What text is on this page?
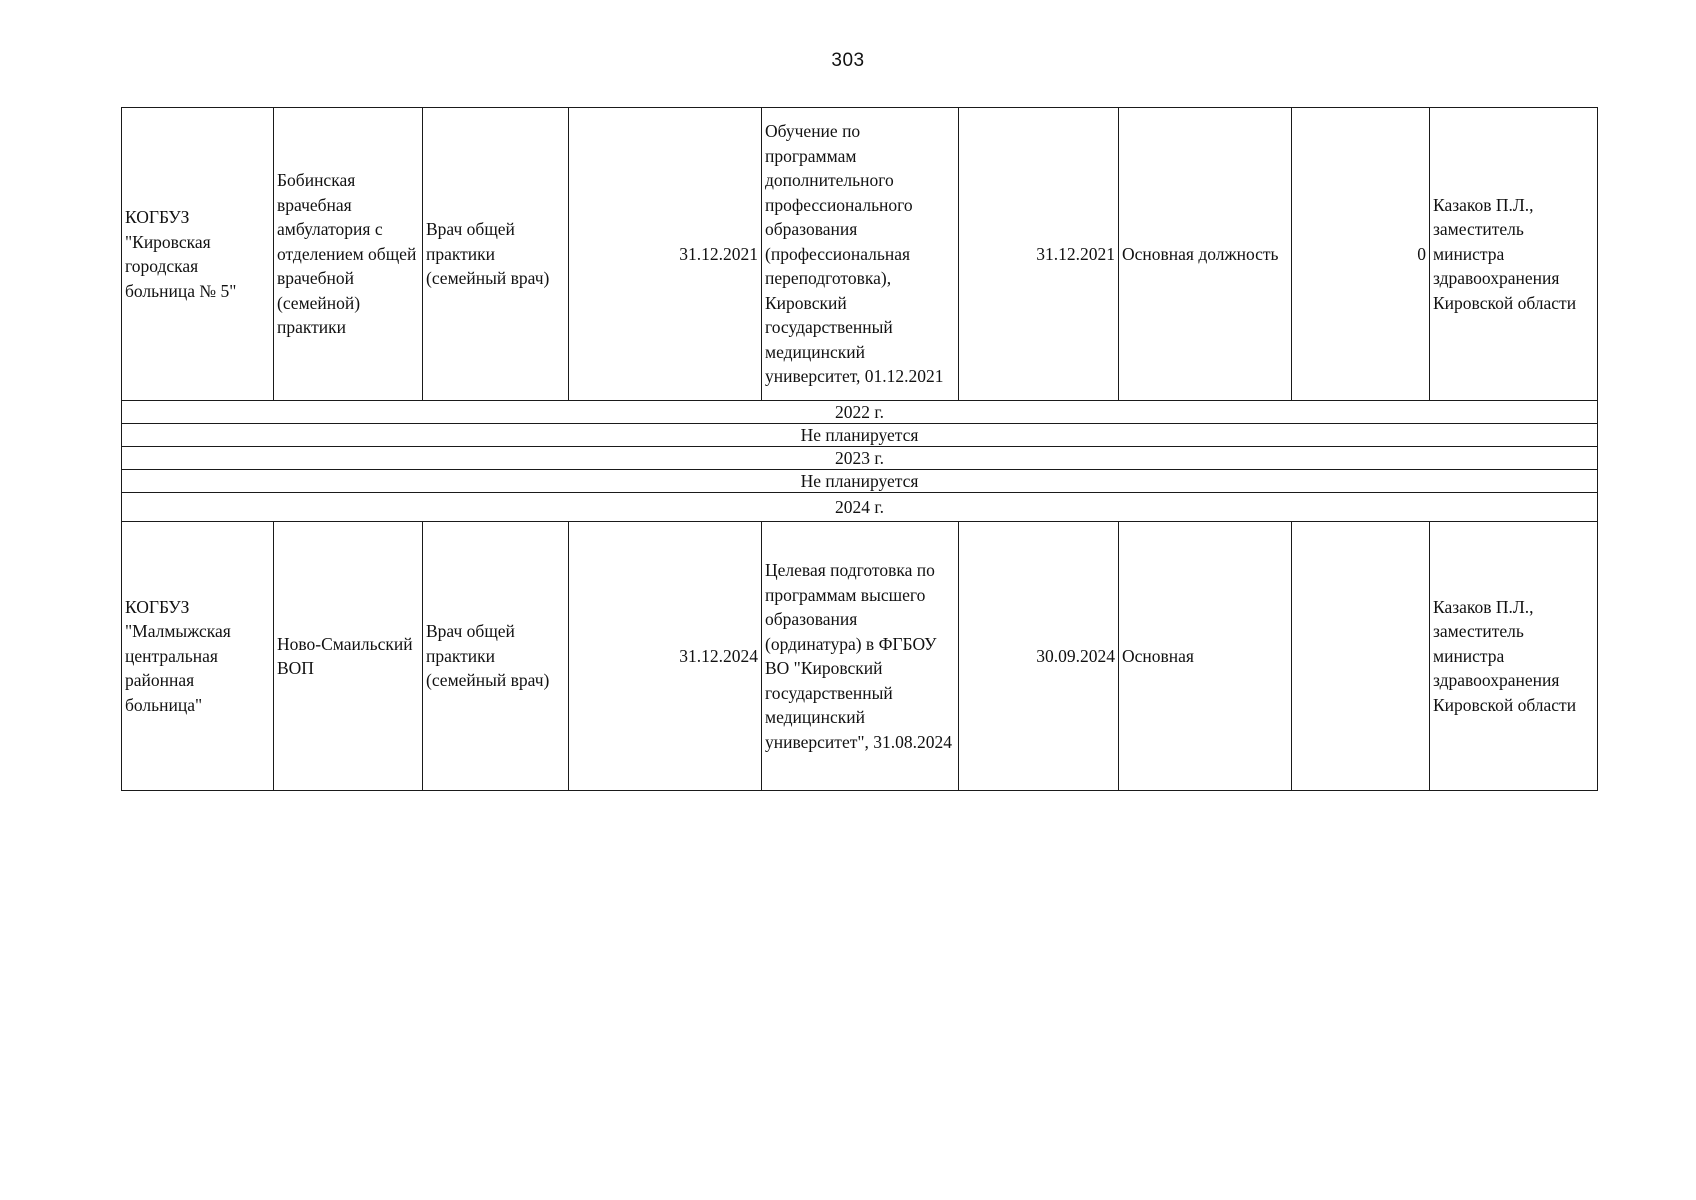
303
КОГБУЗ "Кировская городская больница № 5"	Бобинская врачебная амбулатория с отделением общей врачебной (семейной) практики	Врач общей практики (семейный врач)	31.12.2021	Обучение по программам дополнительного профессионального образования (профессиональная переподготовка), Кировский государственный медицинский университет, 01.12.2021	31.12.2021	Основная должность	0	Казаков П.Л., заместитель министра здравоохранения Кировской области
2022 г.								
Не планируется								
2023 г.								
Не планируется								
2024 г.								
КОГБУЗ "Малмыжская центральная районная больница"	Ново-Смаильский ВОП	Врач общей практики (семейный врач)	31.12.2024	Целевая подготовка по программам высшего образования (ординатура) в ФГБОУ ВО "Кировский государственный медицинский университет", 31.08.2024	30.09.2024	Основная		Казаков П.Л., заместитель министра здравоохранения Кировской области
